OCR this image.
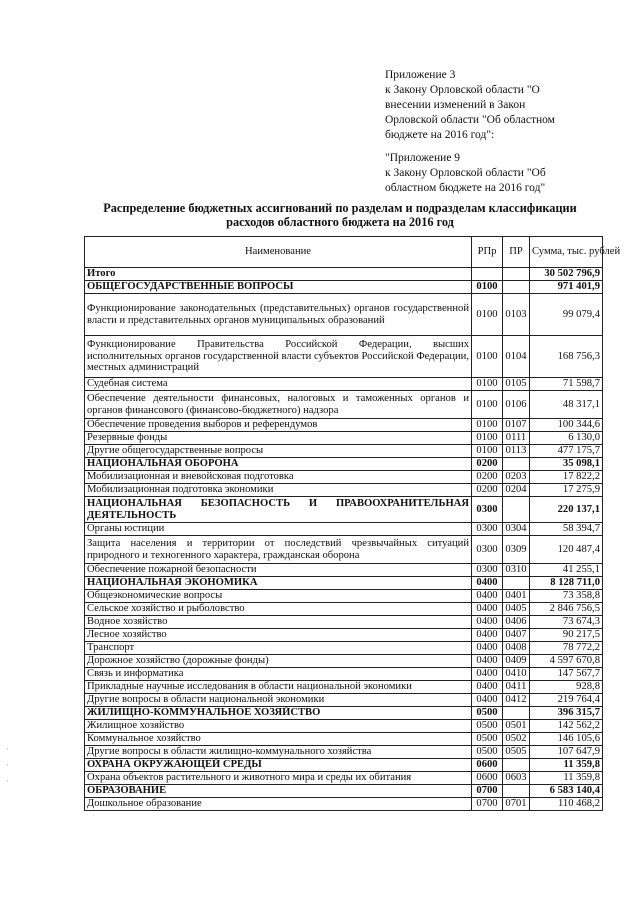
Приложение 3
к Закону Орловской области "О
внесении изменений в Закон
Орловской области "Об областном
бюджете на 2016 год":
"Приложение 9
к Закону Орловской области "Об
областном бюджете на 2016 год"
Распределение бюджетных ассигнований по разделам и подразделам классификации
расходов областного бюджета на 2016 год
Наименование	РПр	ПР	Сумма, тыс. рублей
Итого			30 502 796,9
ОБЩЕГОСУДАРСТВЕННЫЕ ВОПРОСЫ	0100		971 401,9
Функционирование законодательных (представительных) органов государственной власти и представительных органов муниципальных образований	0100	0103	99 079,4
Функционирование Правительства Российской Федерации, высших исполнительных органов государственной власти субъектов Российской Федерации, местных администраций	0100	0104	168 756,3
Судебная система	0100	0105	71 598,7
Обеспечение деятельности финансовых, налоговых и таможенных органов и органов финансового (финансово-бюджетного) надзора	0100	0106	48 317,1
Обеспечение проведения выборов и референдумов	0100	0107	100 344,6
Резервные фонды	0100	0111	6 130,0
Другие общегосударственные вопросы	0100	0113	477 175,7
НАЦИОНАЛЬНАЯ ОБОРОНА	0200		35 098,1
Мобилизационная и вневойсковая подготовка	0200	0203	17 822,2
Мобилизационная подготовка экономики	0200	0204	17 275,9
НАЦИОНАЛЬНАЯ БЕЗОПАСНОСТЬ И ПРАВООХРАНИТЕЛЬНАЯ ДЕЯТЕЛЬНОСТЬ	0300		220 137,1
Органы юстиции	0300	0304	58 394,7
Защита населения и территории от последствий чрезвычайных ситуаций природного и техногенного характера, гражданская оборона	0300	0309	120 487,4
Обеспечение пожарной безопасности	0300	0310	41 255,1
НАЦИОНАЛЬНАЯ ЭКОНОМИКА	0400		8 128 711,0
Общеэкономические вопросы	0400	0401	73 358,8
Сельское хозяйство и рыболовство	0400	0405	2 846 756,5
Водное хозяйство	0400	0406	73 674,3
Лесное хозяйство	0400	0407	90 217,5
Транспорт	0400	0408	78 772,2
Дорожное хозяйство (дорожные фонды)	0400	0409	4 597 670,8
Связь и информатика	0400	0410	147 567,7
Прикладные научные исследования в области национальной экономики	0400	0411	928,8
Другие вопросы в области национальной экономики	0400	0412	219 764,4
ЖИЛИЩНО-КОММУНАЛЬНОЕ ХОЗЯЙСТВО	0500		396 315,7
Жилищное хозяйство	0500	0501	142 562,2
Коммунальное хозяйство	0500	0502	146 105,6
Другие вопросы в области жилищно-коммунального хозяйства	0500	0505	107 647,9
ОХРАНА ОКРУЖАЮЩЕЙ СРЕДЫ	0600		11 359,8
Охрана объектов растительного и животного мира и среды их обитания	0600	0603	11 359,8
ОБРАЗОВАНИЕ	0700		6 583 140,4
Дошкольное образование	0700	0701	110 468,2
·
·
·
